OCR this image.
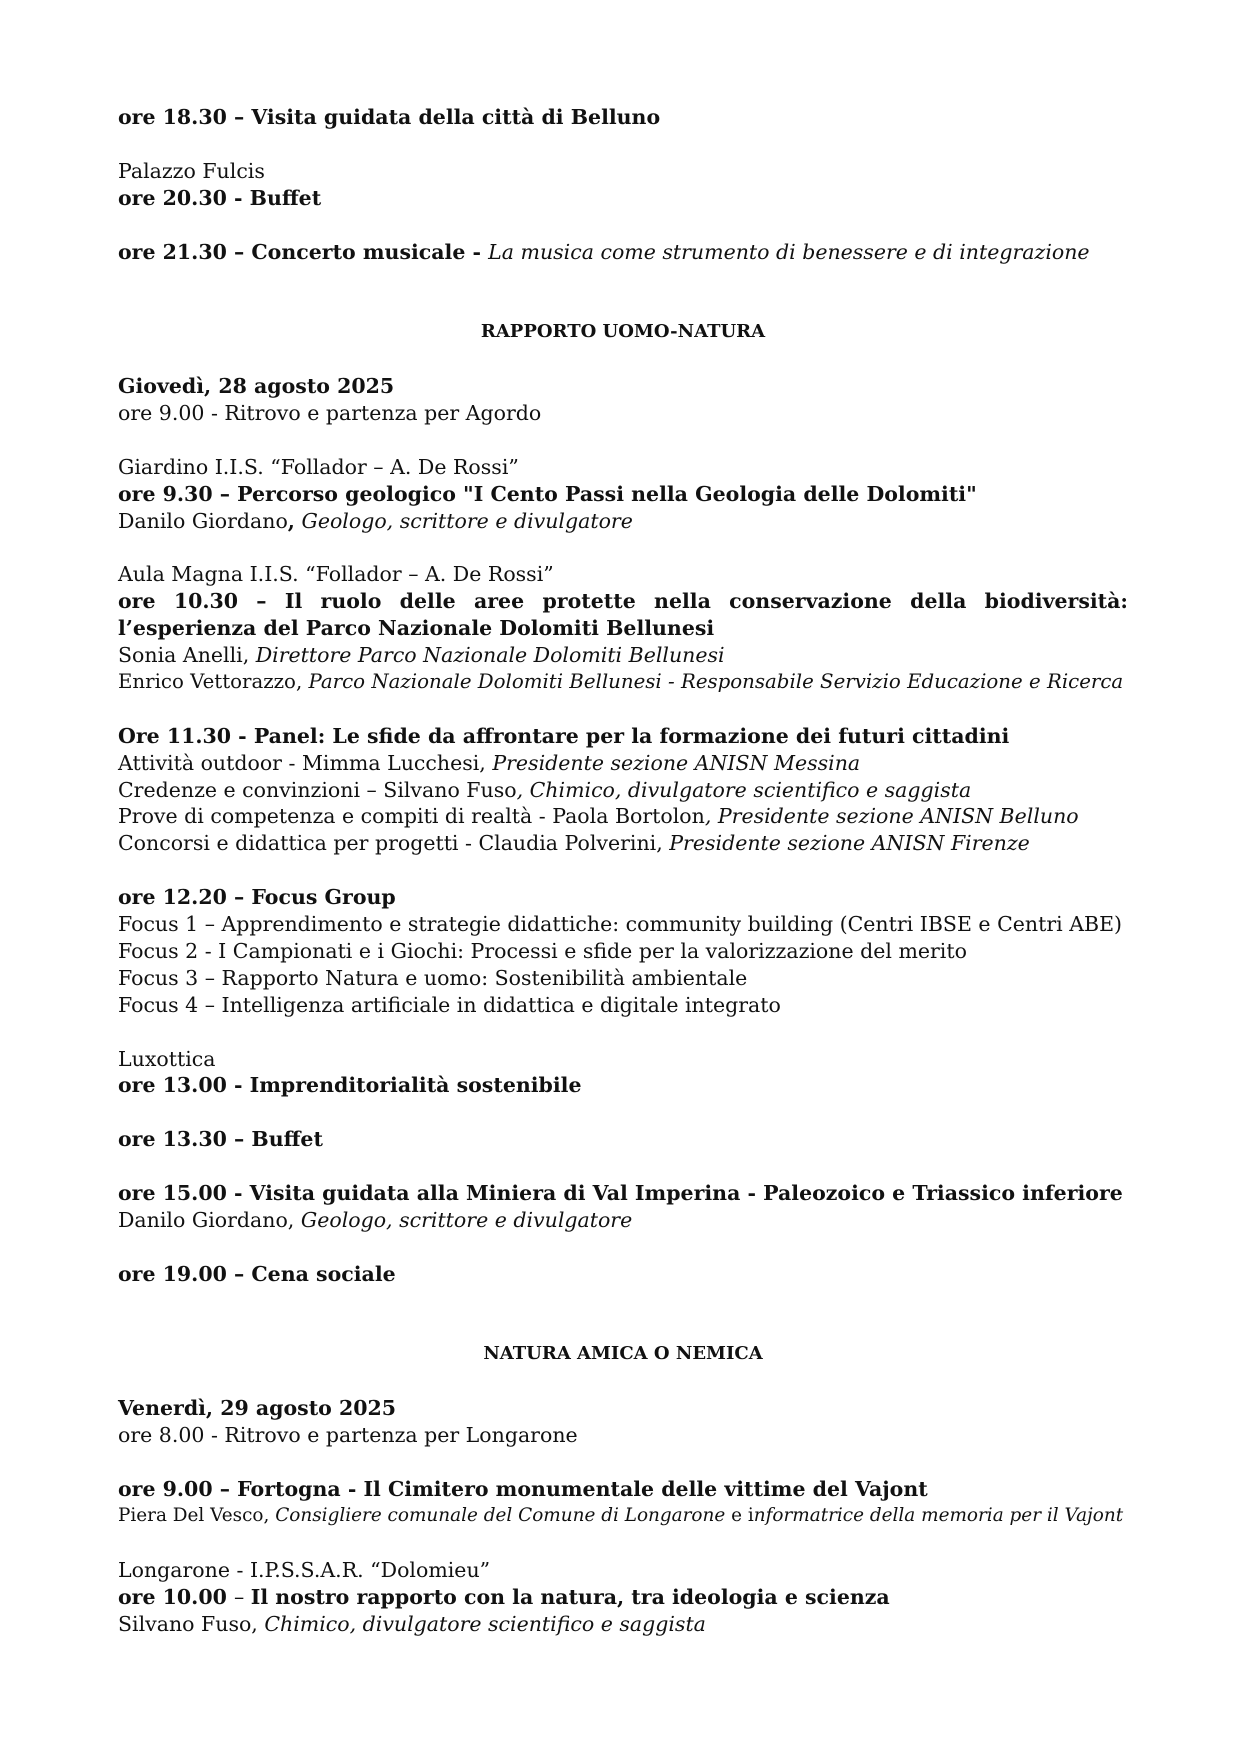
ore 18.30 – Visita guidata della città di Belluno
Palazzo Fulcis
ore 20.30 - Buffet
ore 21.30 – Concerto musicale - La musica come strumento di benessere e di integrazione
RAPPORTO UOMO-NATURA
Giovedì, 28 agosto 2025
ore 9.00 - Ritrovo e partenza per Agordo
Giardino I.I.S. “Follador – A. De Rossi”
ore 9.30 – Percorso geologico "I Cento Passi nella Geologia delle Dolomiti"
Danilo Giordano, Geologo, scrittore e divulgatore
Aula Magna I.I.S. “Follador – A. De Rossi”
ore 10.30 – Il ruolo delle aree protette nella conservazione della biodiversità: l’esperienza del Parco Nazionale Dolomiti Bellunesi
Sonia Anelli, Direttore Parco Nazionale Dolomiti Bellunesi
Enrico Vettorazzo, Parco Nazionale Dolomiti Bellunesi - Responsabile Servizio Educazione e Ricerca
Ore 11.30 - Panel: Le sfide da affrontare per la formazione dei futuri cittadini
Attività outdoor - Mimma Lucchesi, Presidente sezione ANISN Messina
Credenze e convinzioni – Silvano Fuso, Chimico, divulgatore scientifico e saggista
Prove di competenza e compiti di realtà - Paola Bortolon, Presidente sezione ANISN Belluno
Concorsi e didattica per progetti - Claudia Polverini, Presidente sezione ANISN Firenze
ore 12.20 – Focus Group
Focus 1 – Apprendimento e strategie didattiche: community building (Centri IBSE e Centri ABE)
Focus 2 - I Campionati e i Giochi: Processi e sfide per la valorizzazione del merito
Focus 3 – Rapporto Natura e uomo: Sostenibilità ambientale
Focus 4 – Intelligenza artificiale in didattica e digitale integrato
Luxottica
ore 13.00 - Imprenditorialità sostenibile
ore 13.30 – Buffet
ore 15.00 - Visita guidata alla Miniera di Val Imperina - Paleozoico e Triassico inferiore
Danilo Giordano, Geologo, scrittore e divulgatore
ore 19.00 – Cena sociale
NATURA AMICA O NEMICA
Venerdì, 29 agosto 2025
ore 8.00 - Ritrovo e partenza per Longarone
ore 9.00 – Fortogna - Il Cimitero monumentale delle vittime del Vajont
Piera Del Vesco, Consigliere comunale del Comune di Longarone e informatrice della memoria per il Vajont
Longarone - I.P.S.S.A.R. “Dolomieu”
ore 10.00 – Il nostro rapporto con la natura, tra ideologia e scienza
Silvano Fuso, Chimico, divulgatore scientifico e saggista
